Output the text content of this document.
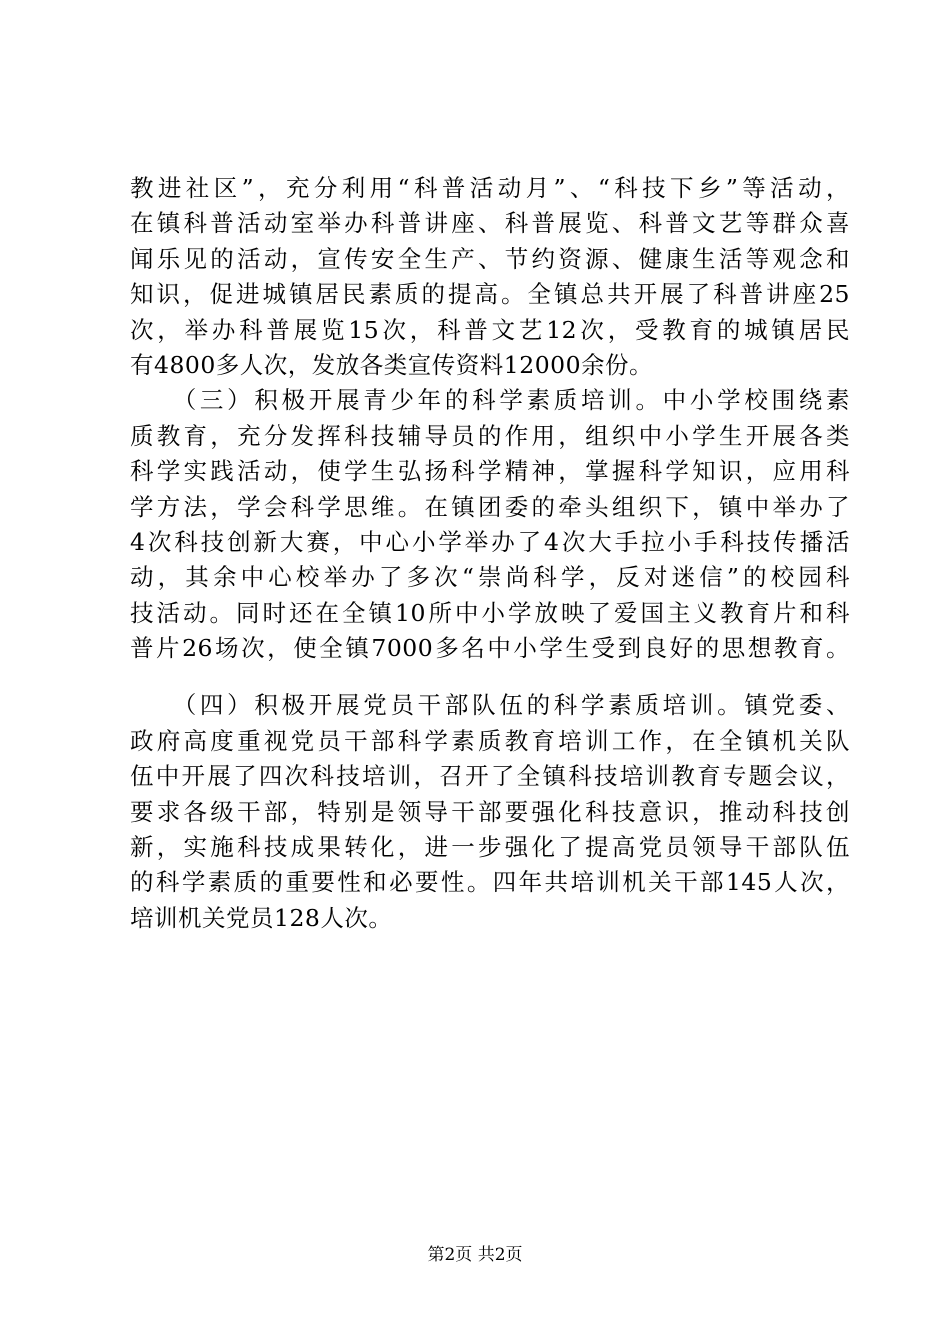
教进社区”，充分利用“科普活动月”、“科技下乡”等活动，
在镇科普活动室举办科普讲座、科普展览、科普文艺等群众喜
闻乐见的活动，宣传安全生产、节约资源、健康生活等观念和
知识，促进城镇居民素质的提高。全镇总共开展了科普讲座25
次，举办科普展览15次，科普文艺12次，受教育的城镇居民
有4800多人次，发放各类宣传资料12000余份。
　　（三）积极开展青少年的科学素质培训。中小学校围绕素
质教育，充分发挥科技辅导员的作用，组织中小学生开展各类
科学实践活动，使学生弘扬科学精神，掌握科学知识，应用科
学方法，学会科学思维。在镇团委的牵头组织下，镇中举办了
4次科技创新大赛，中心小学举办了4次大手拉小手科技传播活
动，其余中心校举办了多次“崇尚科学，反对迷信”的校园科
技活动。同时还在全镇10所中小学放映了爱国主义教育片和科
普片26场次，使全镇7000多名中小学生受到良好的思想教育。
　　（四）积极开展党员干部队伍的科学素质培训。镇党委、
政府高度重视党员干部科学素质教育培训工作，在全镇机关队
伍中开展了四次科技培训，召开了全镇科技培训教育专题会议，
要求各级干部，特别是领导干部要强化科技意识，推动科技创
新，实施科技成果转化，进一步强化了提高党员领导干部队伍
的科学素质的重要性和必要性。四年共培训机关干部145人次，
培训机关党员128人次。
第2页 共2页
